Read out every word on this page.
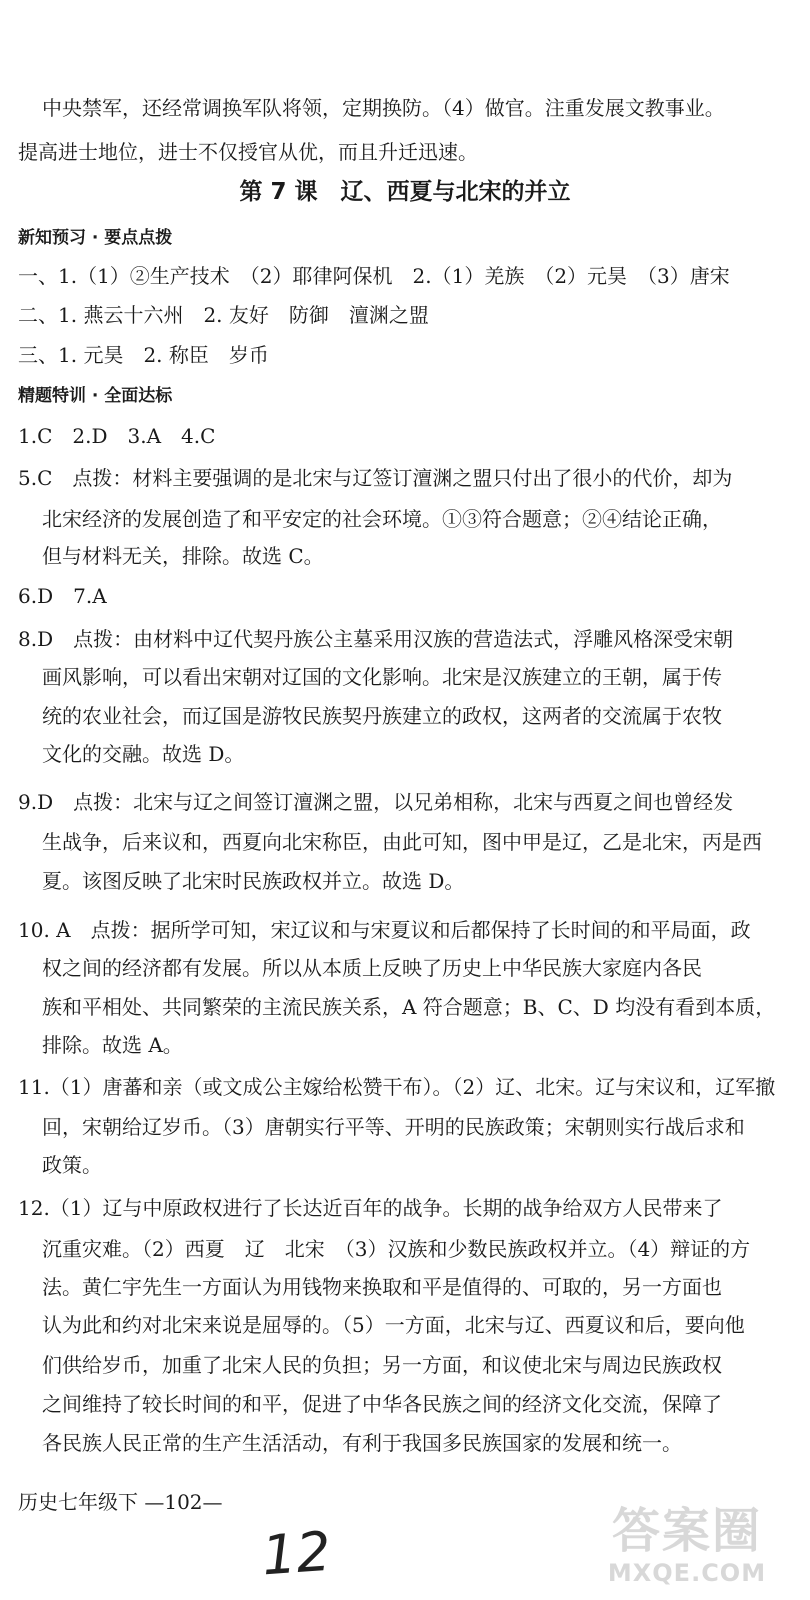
中央禁军，还经常调换军队将领，定期换防。（4）做官。注重发展文教事业。
提高进士地位，进士不仅授官从优，而且升迁迅速。
第 7 课　辽、西夏与北宋的并立
新知预习 · 要点点拨
一、1.（1）②生产技术　（2）耶律阿保机　2.（1）羌族　（2）元昊　（3）唐宋
二、1. 燕云十六州　2. 友好　防御　澶渊之盟
三、1. 元昊　2. 称臣　岁币
精题特训 · 全面达标
1.C　2.D　3.A　4.C
5.C　点拨：材料主要强调的是北宋与辽签订澶渊之盟只付出了很小的代价，却为
北宋经济的发展创造了和平安定的社会环境。①③符合题意；②④结论正确，
但与材料无关，排除。故选 C。
6.D　7.A
8.D　点拨：由材料中辽代契丹族公主墓采用汉族的营造法式，浮雕风格深受宋朝
画风影响，可以看出宋朝对辽国的文化影响。北宋是汉族建立的王朝，属于传
统的农业社会，而辽国是游牧民族契丹族建立的政权，这两者的交流属于农牧
文化的交融。故选 D。
9.D　点拨：北宋与辽之间签订澶渊之盟，以兄弟相称，北宋与西夏之间也曾经发
生战争，后来议和，西夏向北宋称臣，由此可知，图中甲是辽，乙是北宋，丙是西
夏。该图反映了北宋时民族政权并立。故选 D。
10. A　点拨：据所学可知，宋辽议和与宋夏议和后都保持了长时间的和平局面，政
权之间的经济都有发展。所以从本质上反映了历史上中华民族大家庭内各民
族和平相处、共同繁荣的主流民族关系，A 符合题意；B、C、D 均没有看到本质，
排除。故选 A。
11.（1）唐蕃和亲（或文成公主嫁给松赞干布）。（2）辽、北宋。辽与宋议和，辽军撤
回，宋朝给辽岁币。（3）唐朝实行平等、开明的民族政策；宋朝则实行战后求和
政策。
12.（1）辽与中原政权进行了长达近百年的战争。长期的战争给双方人民带来了
沉重灾难。（2）西夏　辽　北宋　（3）汉族和少数民族政权并立。（4）辩证的方
法。黄仁宇先生一方面认为用钱物来换取和平是值得的、可取的，另一方面也
认为此和约对北宋来说是屈辱的。（5）一方面，北宋与辽、西夏议和后，要向他
们供给岁币，加重了北宋人民的负担；另一方面，和议使北宋与周边民族政权
之间维持了较长时间的和平，促进了中华各民族之间的经济文化交流，保障了
各民族人民正常的生产生活活动，有利于我国多民族国家的发展和统一。
历史七年级下 —102—
12	答案圈
MXQE.COM
